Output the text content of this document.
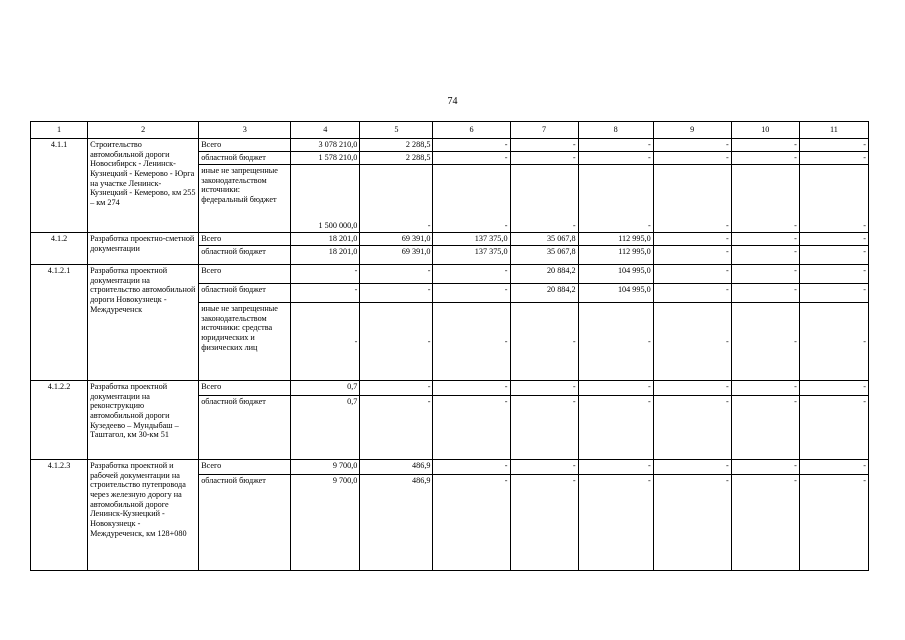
74
1	2	3	4	5	6	7	8	9	10	11
4.1.1	Строительство автомобильной дороги Новосибирск - Ленинск-Кузнецкий - Кемерово - Юрга на участке Ленинск-Кузнецкий - Кемерово, км 255 – км 274	Всего	3 078 210,0	2 288,5	-	-	-	-	-	-
		областной бюджет	1 578 210,0	2 288,5	-	-	-	-	-	-
		иные не запрещенные законодательством источники: федеральный бюджет	1 500 000,0	-	-	-	-	-	-	-
4.1.2	Разработка проектно-сметной документации	Всего	18 201,0	69 391,0	137 375,0	35 067,8	112 995,0	-	-	-
		областной бюджет	18 201,0	69 391,0	137 375,0	35 067,8	112 995,0	-	-	-
4.1.2.1	Разработка проектной документации на строительство автомобильной дороги Новокузнецк - Междуреченск	Всего	-	-	-	20 884,2	104 995,0	-	-	-
		областной бюджет	-	-	-	20 884,2	104 995,0	-	-	-
		иные не запрещенные законодательством источники: средства юридических и физических лиц	-	-	-	-	-	-	-	-
4.1.2.2	Разработка проектной документации на реконструкцию автомобильной дороги Кузедеево – Мундыбаш – Таштагол, км 30-км 51	Всего	0,7	-	-	-	-	-	-	-
		областной бюджет	0,7	-	-	-	-	-	-	-
4.1.2.3	Разработка проектной и рабочей документации на строительство путепровода через железную дорогу на автомобильной дороге Ленинск-Кузнецкий - Новокузнецк - Междуреченск, км 128+080	Всего	9 700,0	486,9	-	-	-	-	-	-
		областной бюджет	9 700,0	486,9	-	-	-	-	-	-
